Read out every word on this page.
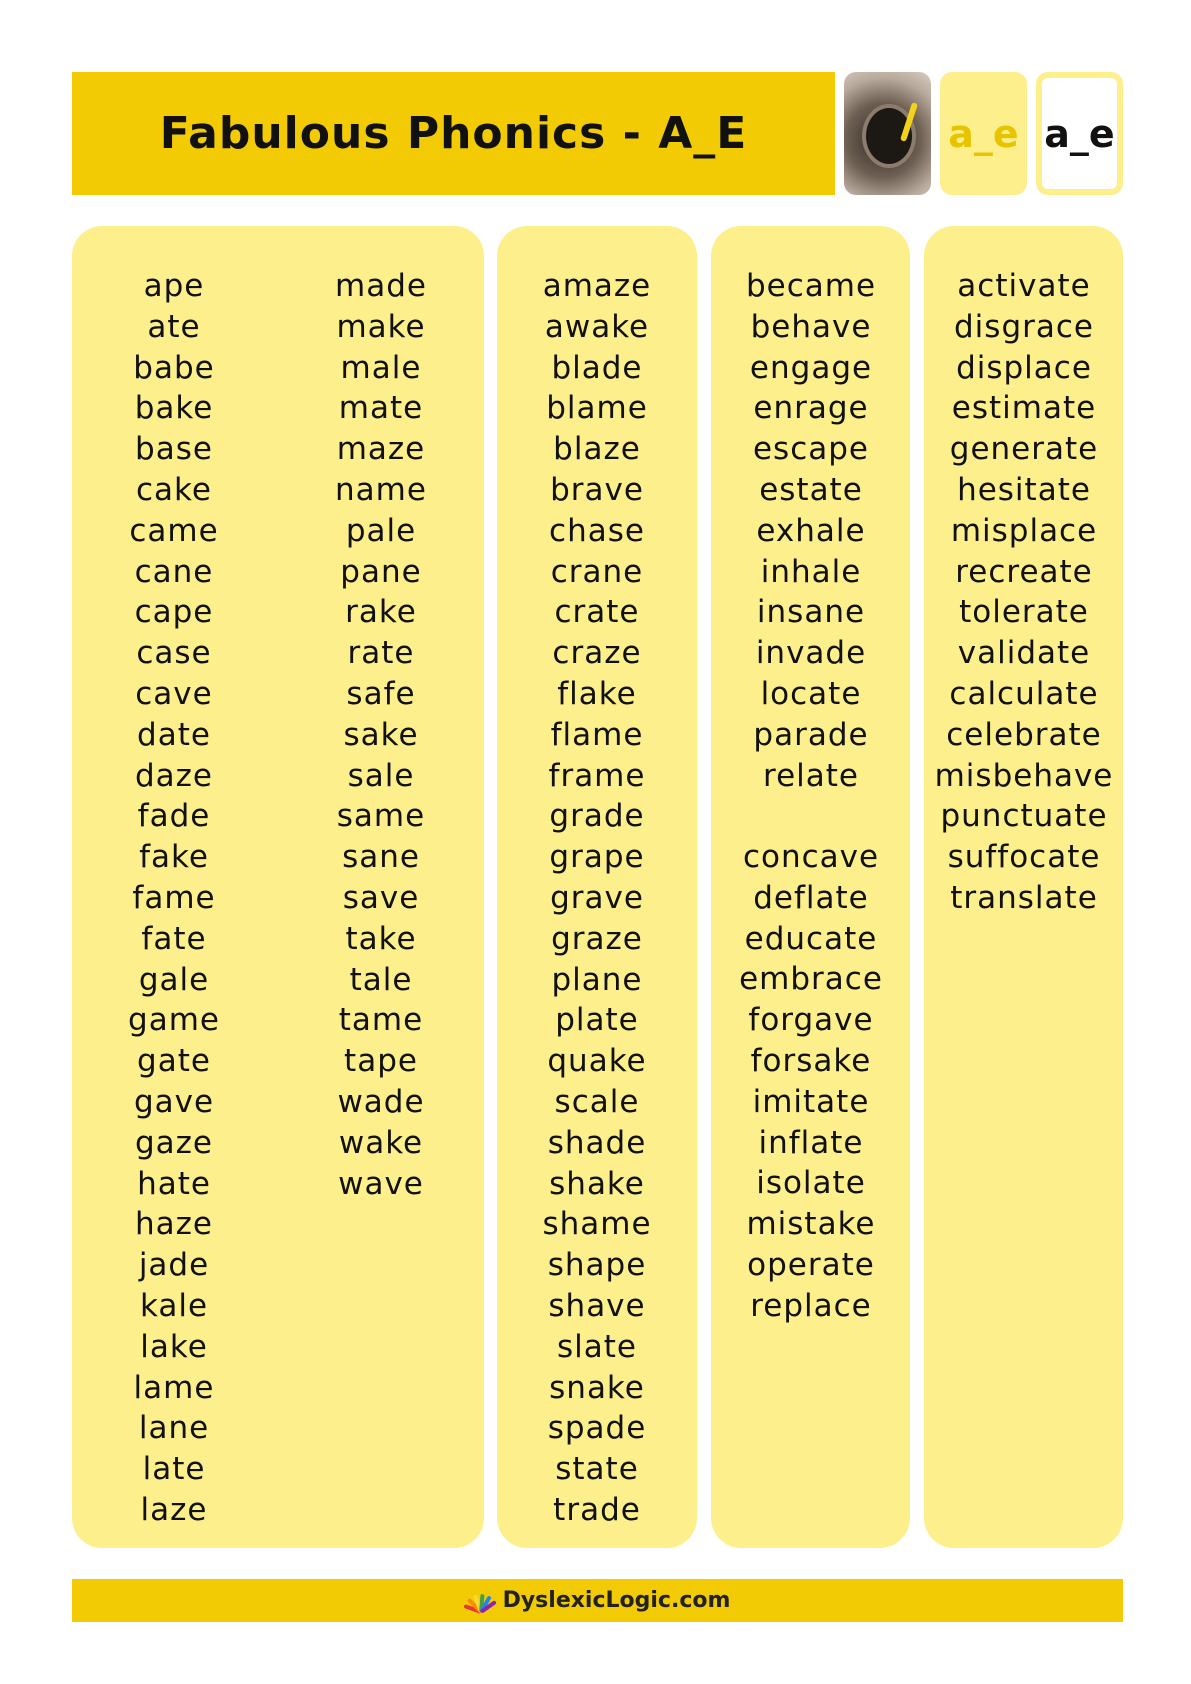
Fabulous Phonics - A_E	a_e a_e
ape
ate
babe
bake
base
cake
came
cane
cape
case
cave
date
daze
fade
fake
fame
fate
gale
game
gate
gave
gaze
hate
haze
jade
kale
lake
lame
lane
late
laze
made
make
male
mate
maze
name
pale
pane
rake
rate
safe
sake
sale
same
sane
save
take
tale
tame
tape
wade
wake
wave
amaze
awake
blade
blame
blaze
brave
chase
crane
crate
craze
flake
flame
frame
grade
grape
grave
graze
plane
plate
quake
scale
shade
shake
shame
shape
shave
slate
snake
spade
state
trade
became
behave
engage
enrage
escape
estate
exhale
inhale
insane
invade
locate
parade
relate
concave
deflate
educate
embrace
forgave
forsake
imitate
inflate
isolate
mistake
operate
replace
activate
disgrace
displace
estimate
generate
hesitate
misplace
recreate
tolerate
validate
calculate
celebrate
misbehave
punctuate
suffocate
translate
DyslexicLogic.com
